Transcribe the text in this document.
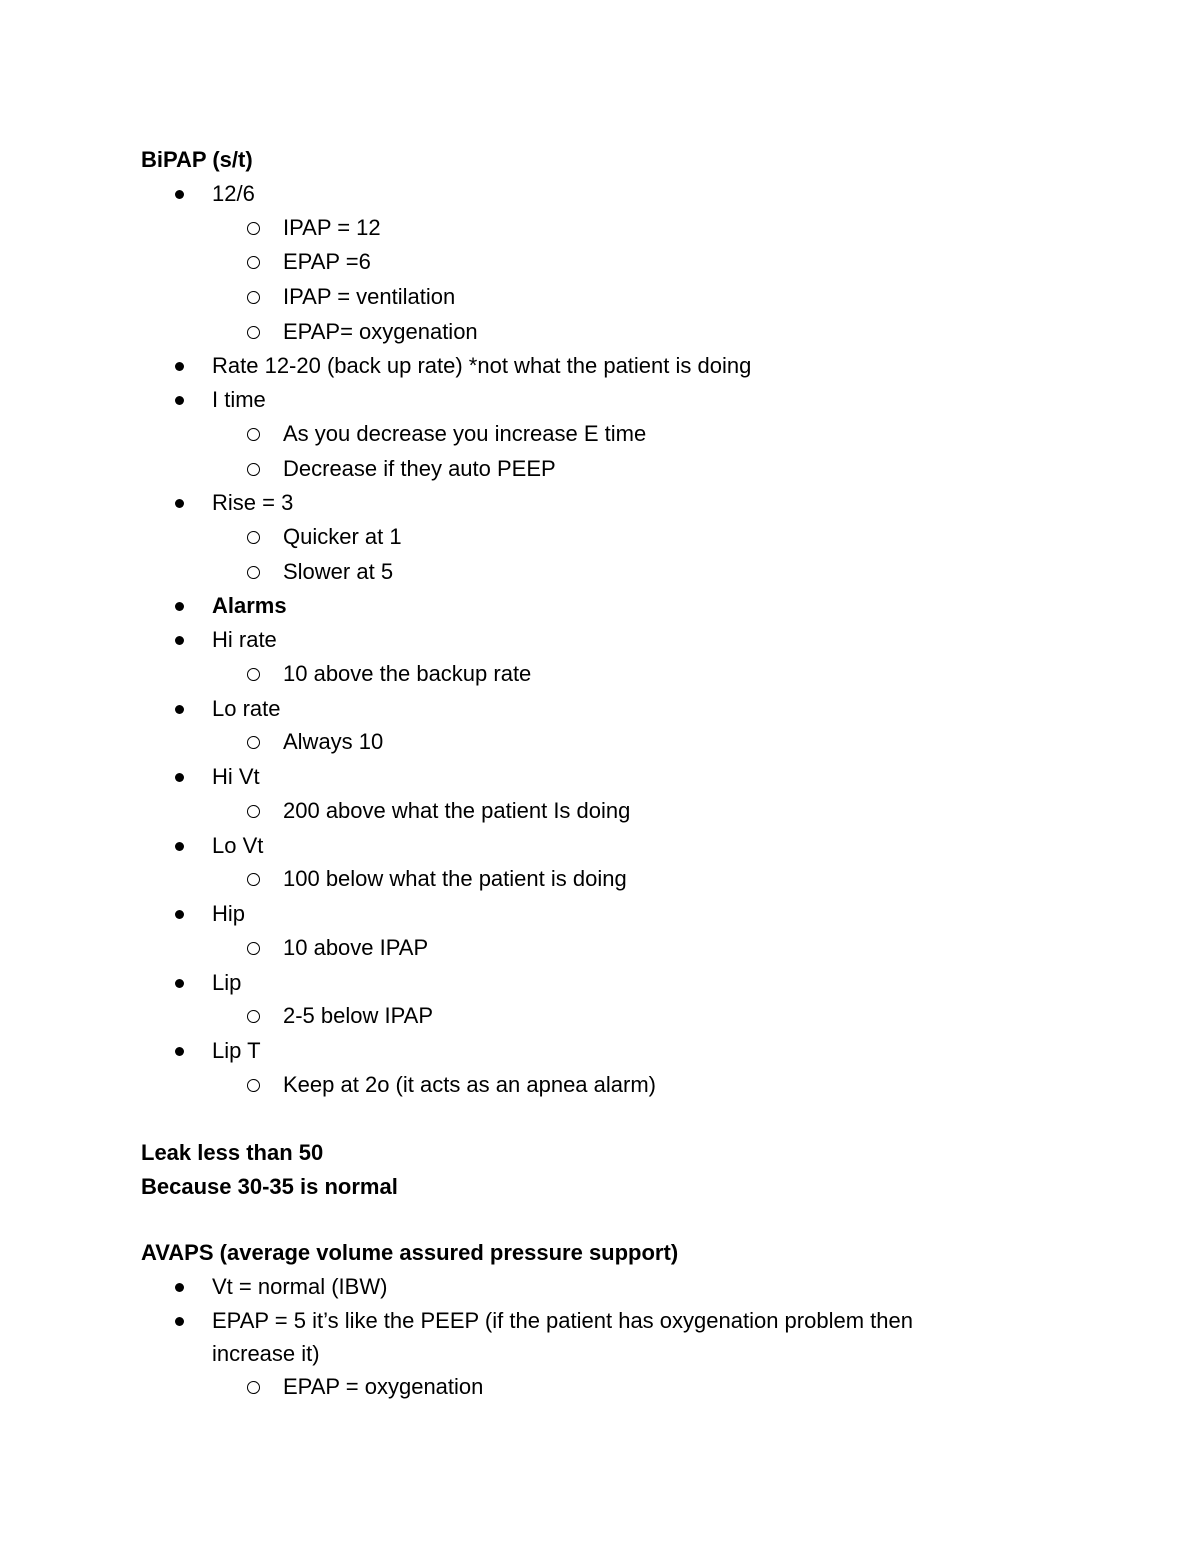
BiPAP (s/t)
12/6
IPAP = 12
EPAP =6
IPAP = ventilation
EPAP= oxygenation
Rate 12-20 (back up rate) *not what the patient is doing
I time
As you decrease you increase E time
Decrease if they auto PEEP
Rise = 3
Quicker at 1
Slower at 5
Alarms
Hi rate
10 above the backup rate
Lo rate
Always 10
Hi Vt
200 above what the patient Is doing
Lo Vt
100 below what the patient is doing
Hip
10 above IPAP
Lip
2-5 below IPAP
Lip T
Keep at 2o (it acts as an apnea alarm)
Leak less than 50
Because 30-35 is normal
AVAPS (average volume assured pressure support)
Vt = normal (IBW)
EPAP = 5 it’s like the PEEP (if the patient has oxygenation problem then
increase it)
EPAP = oxygenation
